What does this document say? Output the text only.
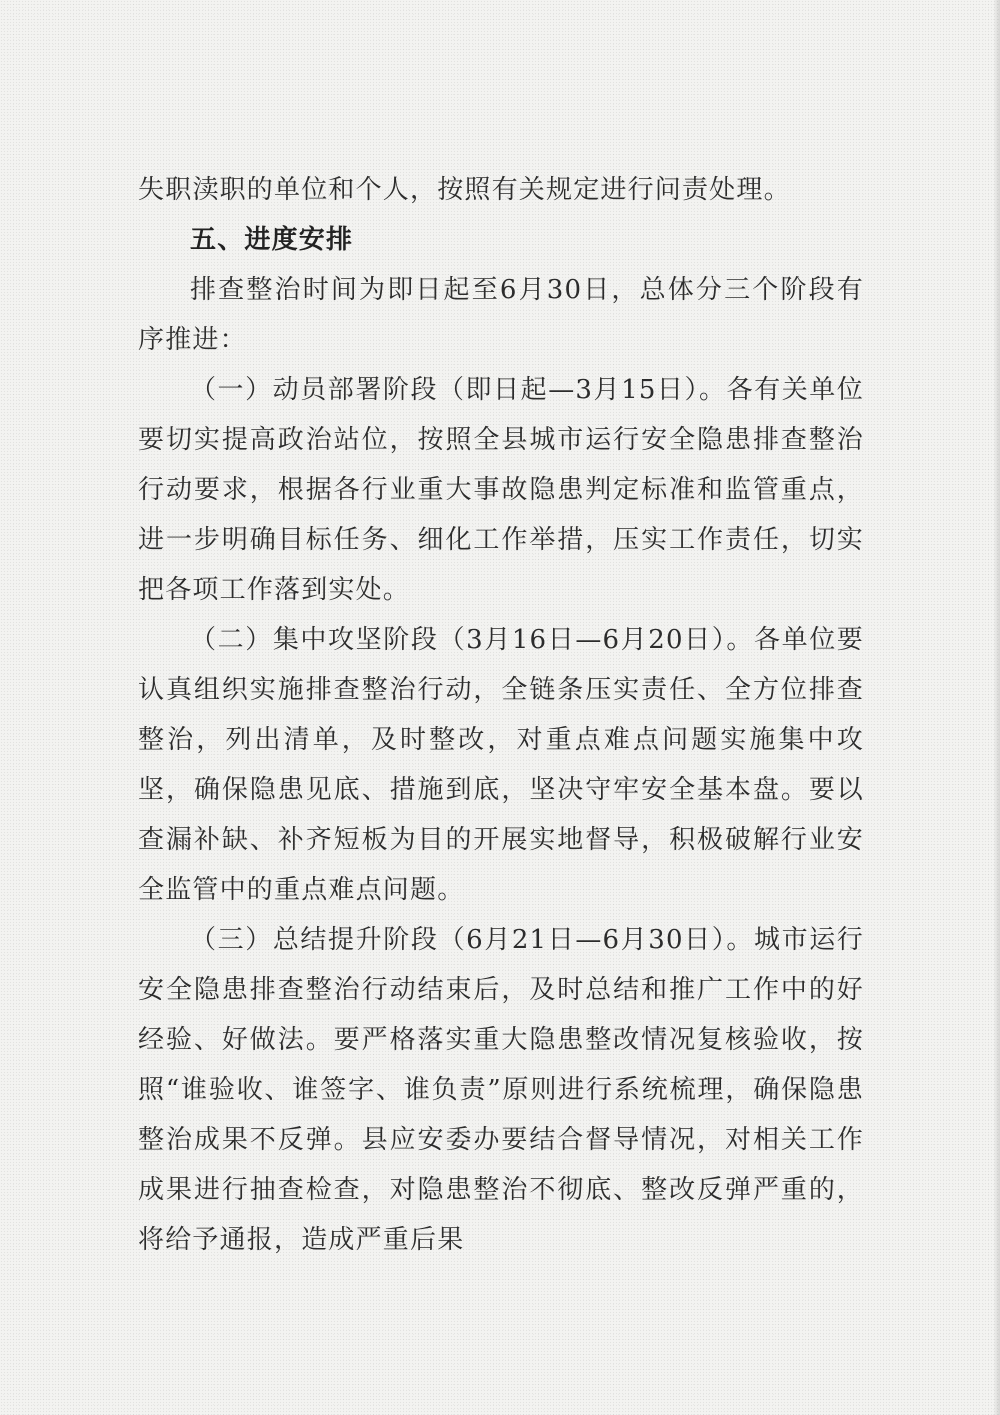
失职渎职的单位和个人，按照有关规定进行问责处理。

五、进度安排

排查整治时间为即日起至6月30日，总体分三个阶段有序推进：

（一）动员部署阶段（即日起—3月15日）。各有关单位要切实提高政治站位，按照全县城市运行安全隐患排查整治行动要求，根据各行业重大事故隐患判定标准和监管重点，进一步明确目标任务、细化工作举措，压实工作责任，切实把各项工作落到实处。

（二）集中攻坚阶段（3月16日—6月20日）。各单位要认真组织实施排查整治行动，全链条压实责任、全方位排查整治，列出清单，及时整改，对重点难点问题实施集中攻坚，确保隐患见底、措施到底，坚决守牢安全基本盘。要以查漏补缺、补齐短板为目的开展实地督导，积极破解行业安全监管中的重点难点问题。

（三）总结提升阶段（6月21日—6月30日）。城市运行安全隐患排查整治行动结束后，及时总结和推广工作中的好经验、好做法。要严格落实重大隐患整改情况复核验收，按照“谁验收、谁签字、谁负责”原则进行系统梳理，确保隐患整治成果不反弹。县应安委办要结合督导情况，对相关工作成果进行抽查检查，对隐患整治不彻底、整改反弹严重的，将给予通报，造成严重后果
